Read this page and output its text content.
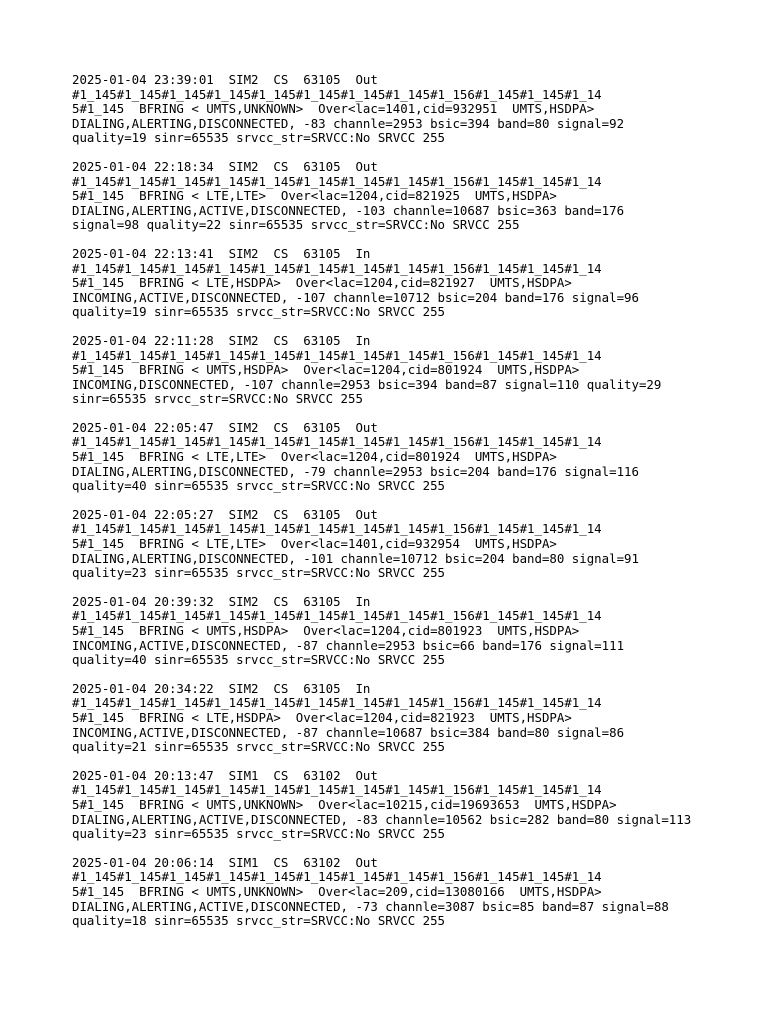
2025-01-04 23:39:01  SIM2  CS  63105  Out
#1_145#1_145#1_145#1_145#1_145#1_145#1_145#1_145#1_156#1_145#1_145#1_14
5#1_145  BFRING < UMTS,UNKNOWN>  Over<lac=1401,cid=932951  UMTS,HSDPA>
DIALING,ALERTING,DISCONNECTED, -83 channle=2953 bsic=394 band=80 signal=92
quality=19 sinr=65535 srvcc_str=SRVCC:No SRVCC 255
2025-01-04 22:18:34  SIM2  CS  63105  Out
#1_145#1_145#1_145#1_145#1_145#1_145#1_145#1_145#1_156#1_145#1_145#1_14
5#1_145  BFRING < LTE,LTE>  Over<lac=1204,cid=821925  UMTS,HSDPA>
DIALING,ALERTING,ACTIVE,DISCONNECTED, -103 channle=10687 bsic=363 band=176
signal=98 quality=22 sinr=65535 srvcc_str=SRVCC:No SRVCC 255
2025-01-04 22:13:41  SIM2  CS  63105  In
#1_145#1_145#1_145#1_145#1_145#1_145#1_145#1_145#1_156#1_145#1_145#1_14
5#1_145  BFRING < LTE,HSDPA>  Over<lac=1204,cid=821927  UMTS,HSDPA>
INCOMING,ACTIVE,DISCONNECTED, -107 channle=10712 bsic=204 band=176 signal=96
quality=19 sinr=65535 srvcc_str=SRVCC:No SRVCC 255
2025-01-04 22:11:28  SIM2  CS  63105  In
#1_145#1_145#1_145#1_145#1_145#1_145#1_145#1_145#1_156#1_145#1_145#1_14
5#1_145  BFRING < UMTS,HSDPA>  Over<lac=1204,cid=801924  UMTS,HSDPA>
INCOMING,DISCONNECTED, -107 channle=2953 bsic=394 band=87 signal=110 quality=29
sinr=65535 srvcc_str=SRVCC:No SRVCC 255
2025-01-04 22:05:47  SIM2  CS  63105  Out
#1_145#1_145#1_145#1_145#1_145#1_145#1_145#1_145#1_156#1_145#1_145#1_14
5#1_145  BFRING < LTE,LTE>  Over<lac=1204,cid=801924  UMTS,HSDPA>
DIALING,ALERTING,DISCONNECTED, -79 channle=2953 bsic=204 band=176 signal=116
quality=40 sinr=65535 srvcc_str=SRVCC:No SRVCC 255
2025-01-04 22:05:27  SIM2  CS  63105  Out
#1_145#1_145#1_145#1_145#1_145#1_145#1_145#1_145#1_156#1_145#1_145#1_14
5#1_145  BFRING < LTE,LTE>  Over<lac=1401,cid=932954  UMTS,HSDPA>
DIALING,ALERTING,DISCONNECTED, -101 channle=10712 bsic=204 band=80 signal=91
quality=23 sinr=65535 srvcc_str=SRVCC:No SRVCC 255
2025-01-04 20:39:32  SIM2  CS  63105  In
#1_145#1_145#1_145#1_145#1_145#1_145#1_145#1_145#1_156#1_145#1_145#1_14
5#1_145  BFRING < UMTS,HSDPA>  Over<lac=1204,cid=801923  UMTS,HSDPA>
INCOMING,ACTIVE,DISCONNECTED, -87 channle=2953 bsic=66 band=176 signal=111
quality=40 sinr=65535 srvcc_str=SRVCC:No SRVCC 255
2025-01-04 20:34:22  SIM2  CS  63105  In
#1_145#1_145#1_145#1_145#1_145#1_145#1_145#1_145#1_156#1_145#1_145#1_14
5#1_145  BFRING < LTE,HSDPA>  Over<lac=1204,cid=821923  UMTS,HSDPA>
INCOMING,ACTIVE,DISCONNECTED, -87 channle=10687 bsic=384 band=80 signal=86
quality=21 sinr=65535 srvcc_str=SRVCC:No SRVCC 255
2025-01-04 20:13:47  SIM1  CS  63102  Out
#1_145#1_145#1_145#1_145#1_145#1_145#1_145#1_145#1_156#1_145#1_145#1_14
5#1_145  BFRING < UMTS,UNKNOWN>  Over<lac=10215,cid=19693653  UMTS,HSDPA>
DIALING,ALERTING,ACTIVE,DISCONNECTED, -83 channle=10562 bsic=282 band=80 signal=113
quality=23 sinr=65535 srvcc_str=SRVCC:No SRVCC 255
2025-01-04 20:06:14  SIM1  CS  63102  Out
#1_145#1_145#1_145#1_145#1_145#1_145#1_145#1_145#1_156#1_145#1_145#1_14
5#1_145  BFRING < UMTS,UNKNOWN>  Over<lac=209,cid=13080166  UMTS,HSDPA>
DIALING,ALERTING,ACTIVE,DISCONNECTED, -73 channle=3087 bsic=85 band=87 signal=88
quality=18 sinr=65535 srvcc_str=SRVCC:No SRVCC 255
